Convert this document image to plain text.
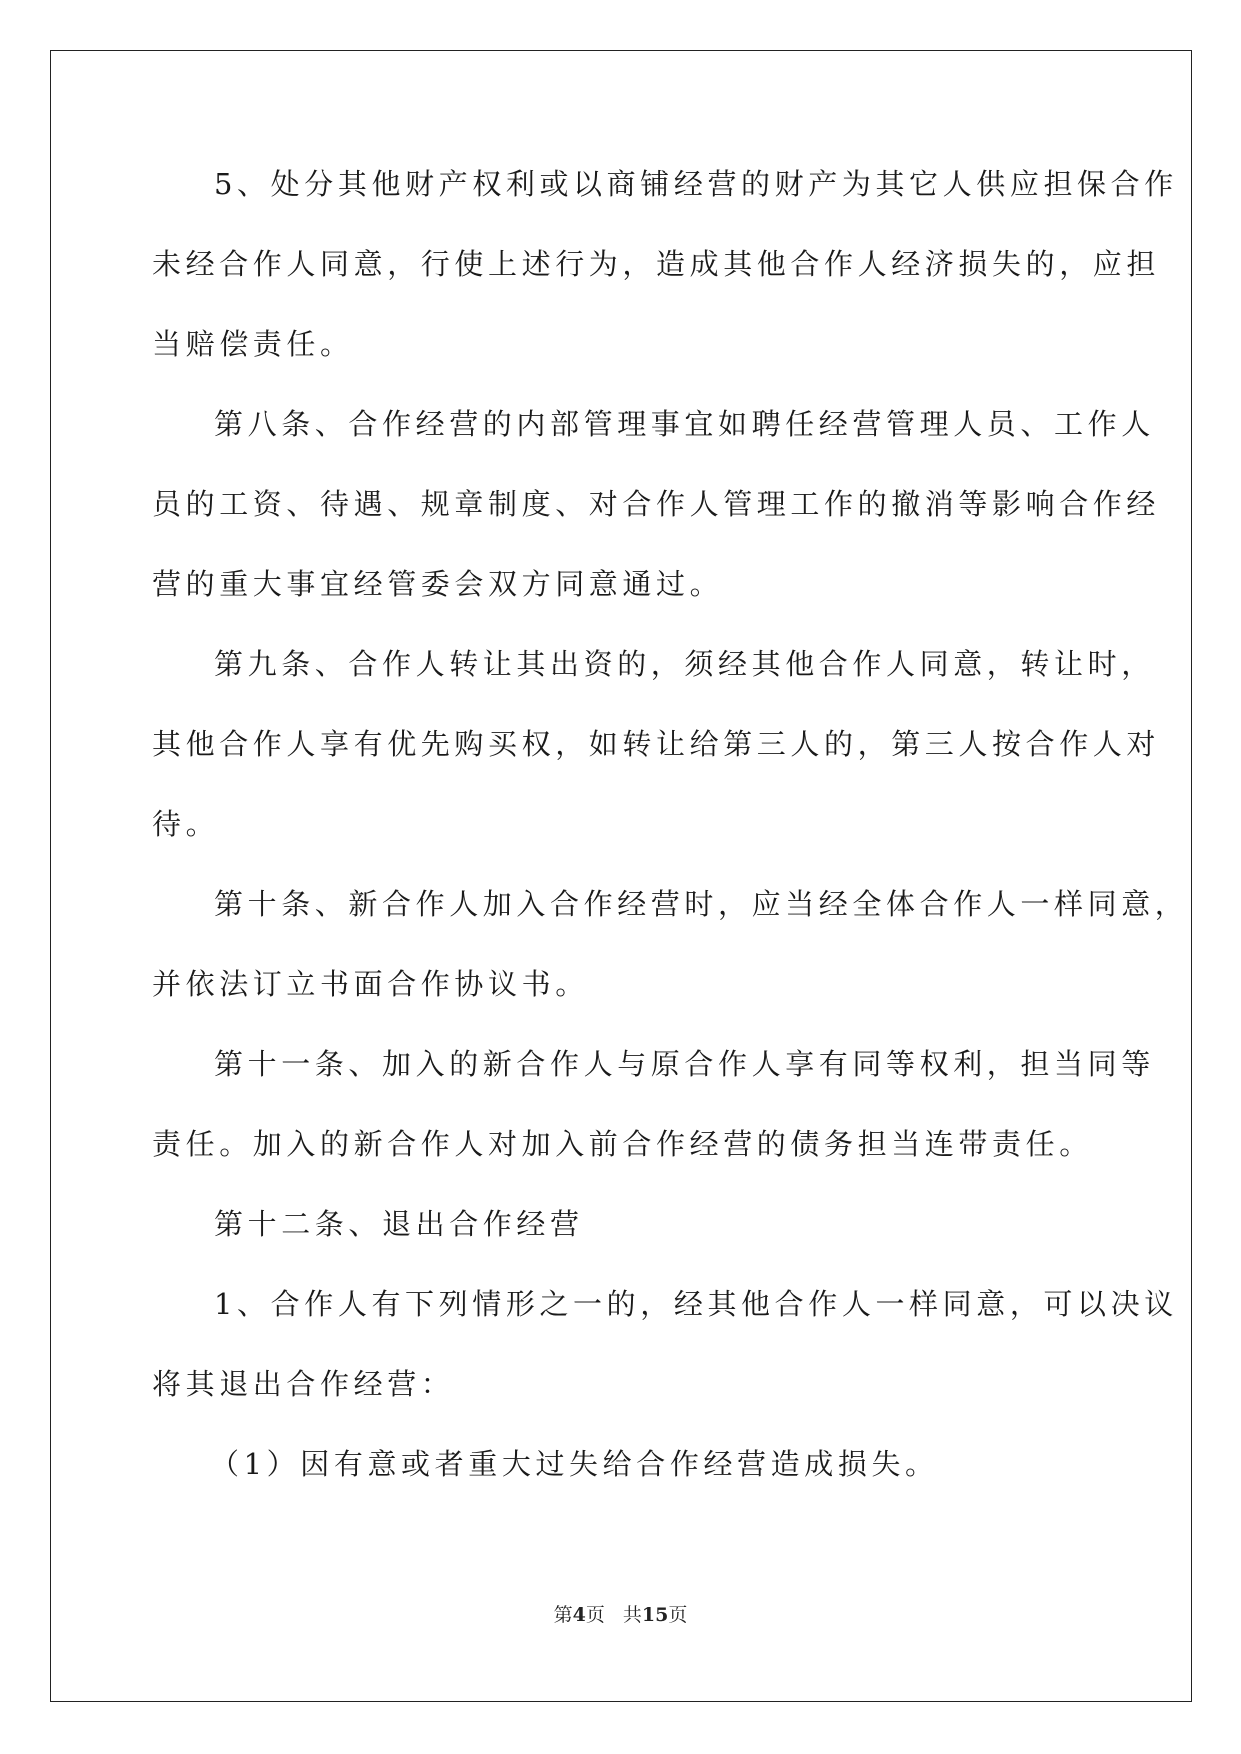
5、处分其他财产权利或以商铺经营的财产为其它人供应担保合作
未经合作人同意，行使上述行为，造成其他合作人经济损失的，应担
当赔偿责任。
第八条、合作经营的内部管理事宜如聘任经营管理人员、工作人
员的工资、待遇、规章制度、对合作人管理工作的撤消等影响合作经
营的重大事宜经管委会双方同意通过。
第九条、合作人转让其出资的，须经其他合作人同意，转让时，
其他合作人享有优先购买权，如转让给第三人的，第三人按合作人对
待。
第十条、新合作人加入合作经营时，应当经全体合作人一样同意，
并依法订立书面合作协议书。
第十一条、加入的新合作人与原合作人享有同等权利，担当同等
责任。加入的新合作人对加入前合作经营的债务担当连带责任。
第十二条、退出合作经营
1、合作人有下列情形之一的，经其他合作人一样同意，可以决议
将其退出合作经营：
（1）因有意或者重大过失给合作经营造成损失。
第4页 共15页
